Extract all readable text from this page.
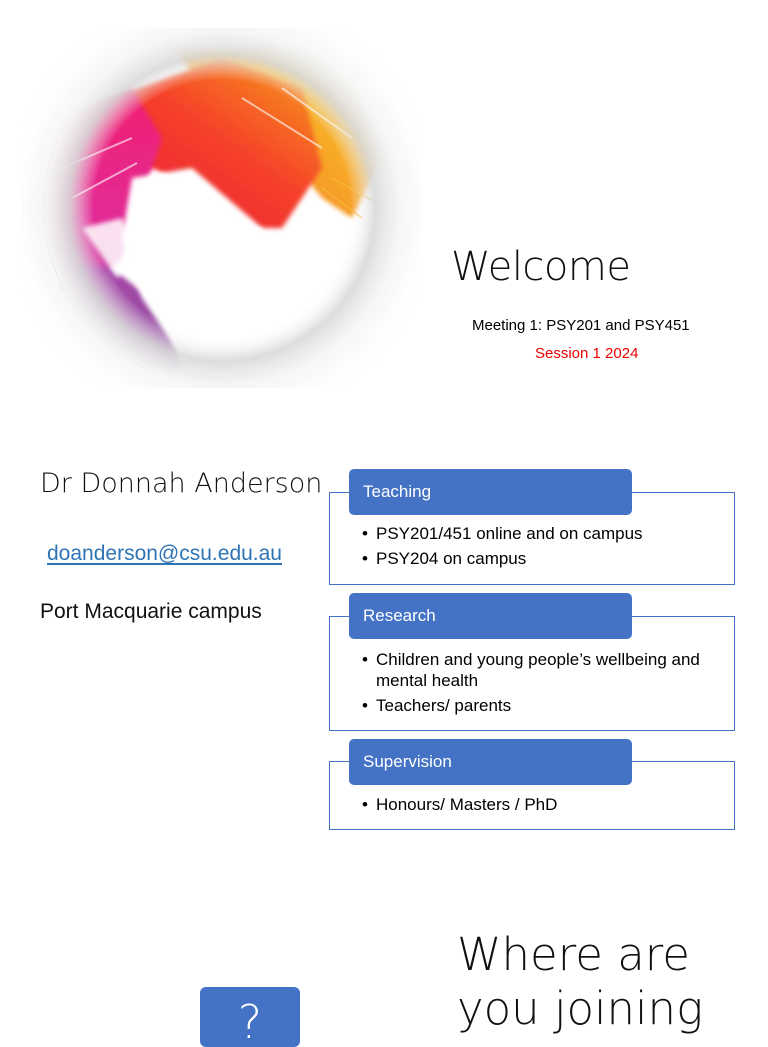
Welcome
Meeting 1: PSY201 and PSY451
Session 1 2024
Dr Donnah Anderson
doanderson@csu.edu.au
Port Macquarie campus
• PSY201/451 online and on campus
• PSY204 on campus
Teaching
• Children and young people’s wellbeing and mental health
• Teachers/ parents
Research
• Honours/ Masters / PhD
Supervision
?
Where are you joining
